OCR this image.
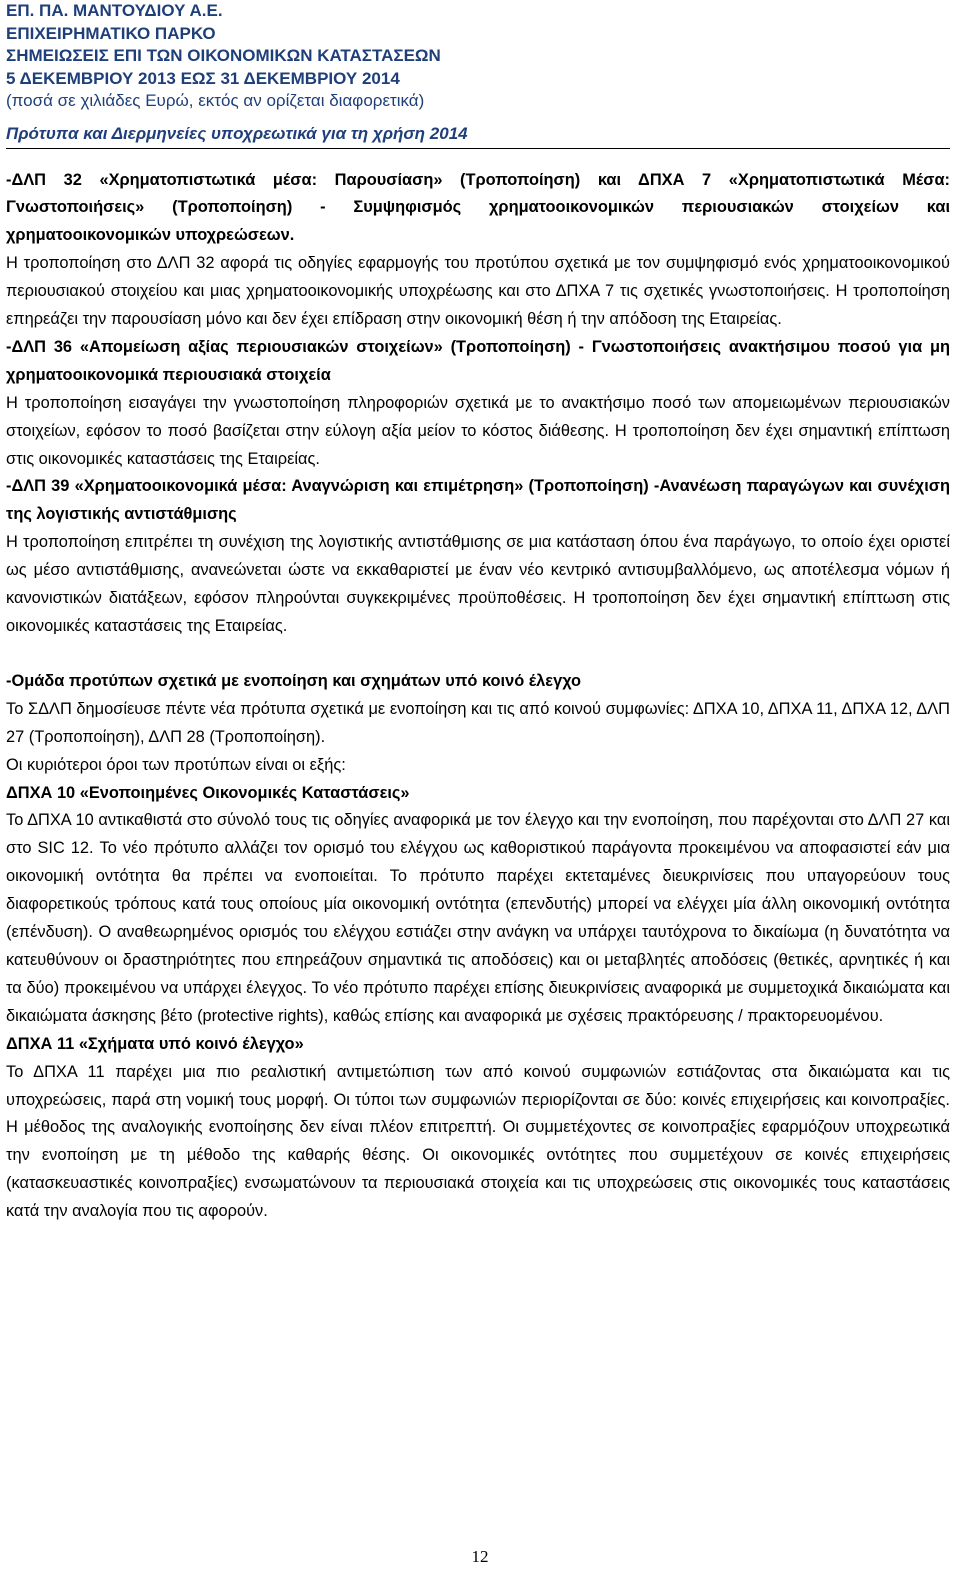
ΕΠ. ΠΑ. ΜΑΝΤΟΥΔΙΟΥ Α.Ε.
ΕΠΙΧΕΙΡΗΜΑΤΙΚΟ ΠΑΡΚΟ
ΣΗΜΕΙΩΣΕΙΣ ΕΠΙ ΤΩΝ ΟΙΚΟΝΟΜΙΚΩΝ ΚΑΤΑΣΤΑΣΕΩΝ
5 ΔΕΚΕΜΒΡΙΟΥ 2013 ΕΩΣ 31 ΔΕΚΕΜΒΡΙΟΥ 2014
(ποσά σε χιλιάδες Ευρώ, εκτός αν ορίζεται διαφορετικά)
Πρότυπα και Διερμηνείες υποχρεωτικά για τη χρήση 2014

-ΔΛΠ 32 «Χρηματοπιστωτικά μέσα: Παρουσίαση» (Τροποποίηση) και ΔΠΧΑ 7 «Χρηματοπιστωτικά Μέσα: Γνωστοποιήσεις» (Τροποποίηση) - Συμψηφισμός χρηματοοικονομικών περιουσιακών στοιχείων και χρηματοοικονομικών υποχρεώσεων.

Η τροποποίηση στο ΔΛΠ 32 αφορά τις οδηγίες εφαρμογής του προτύπου σχετικά με τον συμψηφισμό ενός χρηματοοικονομικού περιουσιακού στοιχείου και μιας χρηματοοικονομικής υποχρέωσης και στο ΔΠΧΑ 7 τις σχετικές γνωστοποιήσεις. Η τροποποίηση επηρεάζει την παρουσίαση μόνο και δεν έχει επίδραση στην οικονομική θέση ή την απόδοση της Εταιρείας.

-ΔΛΠ 36 «Απομείωση αξίας περιουσιακών στοιχείων» (Τροποποίηση) - Γνωστοποιήσεις ανακτήσιμου ποσού για μη χρηματοοικονομικά περιουσιακά στοιχεία

Η τροποποίηση εισαγάγει την γνωστοποίηση πληροφοριών σχετικά με το ανακτήσιμο ποσό των απομειωμένων περιουσιακών στοιχείων, εφόσον το ποσό βασίζεται στην εύλογη αξία μείον το κόστος διάθεσης. Η τροποποίηση δεν έχει σημαντική επίπτωση στις οικονομικές καταστάσεις της Εταιρείας.

-ΔΛΠ 39 «Χρηματοοικονομικά μέσα: Αναγνώριση και επιμέτρηση» (Τροποποίηση) -Ανανέωση παραγώγων και συνέχιση της λογιστικής αντιστάθμισης

Η τροποποίηση επιτρέπει τη συνέχιση της λογιστικής αντιστάθμισης σε μια κατάσταση όπου ένα παράγωγο, το οποίο έχει οριστεί ως μέσο αντιστάθμισης, ανανεώνεται ώστε να εκκαθαριστεί με έναν νέο κεντρικό αντισυμβαλλόμενο, ως αποτέλεσμα νόμων ή κανονιστικών διατάξεων, εφόσον πληρούνται συγκεκριμένες προϋποθέσεις. Η τροποποίηση δεν έχει σημαντική επίπτωση στις οικονομικές καταστάσεις της Εταιρείας.

-Ομάδα προτύπων σχετικά με ενοποίηση και σχημάτων υπό κοινό έλεγχο

Το ΣΔΛΠ δημοσίευσε πέντε νέα πρότυπα σχετικά με ενοποίηση και τις από κοινού συμφωνίες: ΔΠΧΑ 10, ΔΠΧΑ 11, ΔΠΧΑ 12, ΔΛΠ 27 (Τροποποίηση), ΔΛΠ 28 (Τροποποίηση).

Οι κυριότεροι όροι των προτύπων είναι οι εξής:

ΔΠΧΑ 10 «Ενοποιημένες Οικονομικές Καταστάσεις»

Το ΔΠΧΑ 10 αντικαθιστά στο σύνολό τους τις οδηγίες αναφορικά με τον έλεγχο και την ενοποίηση, που παρέχονται στο ΔΛΠ 27 και στο SIC 12. Το νέο πρότυπο αλλάζει τον ορισμό του ελέγχου ως καθοριστικού παράγοντα προκειμένου να αποφασιστεί εάν μια οικονομική οντότητα θα πρέπει να ενοποιείται. Το πρότυπο παρέχει εκτεταμένες διευκρινίσεις που υπαγορεύουν τους διαφορετικούς τρόπους κατά τους οποίους μία οικονομική οντότητα (επενδυτής) μπορεί να ελέγχει μία άλλη οικονομική οντότητα (επένδυση). Ο αναθεωρημένος ορισμός του ελέγχου εστιάζει στην ανάγκη να υπάρχει ταυτόχρονα το δικαίωμα (η δυνατότητα να κατευθύνουν οι δραστηριότητες που επηρεάζουν σημαντικά τις αποδόσεις) και οι μεταβλητές αποδόσεις (θετικές, αρνητικές ή και τα δύο) προκειμένου να υπάρχει έλεγχος. Το νέο πρότυπο παρέχει επίσης διευκρινίσεις αναφορικά με συμμετοχικά δικαιώματα και δικαιώματα άσκησης βέτο (protective rights), καθώς επίσης και αναφορικά με σχέσεις πρακτόρευσης / πρακτορευομένου.

ΔΠΧΑ 11 «Σχήματα υπό κοινό έλεγχο»

Το ΔΠΧΑ 11 παρέχει μια πιο ρεαλιστική αντιμετώπιση των από κοινού συμφωνιών εστιάζοντας στα δικαιώματα και τις υποχρεώσεις, παρά στη νομική τους μορφή. Οι τύποι των συμφωνιών περιορίζονται σε δύο: κοινές επιχειρήσεις και κοινοπραξίες. Η μέθοδος της αναλογικής ενοποίησης δεν είναι πλέον επιτρεπτή. Οι συμμετέχοντες σε κοινοπραξίες εφαρμόζουν υποχρεωτικά την ενοποίηση με τη μέθοδο της καθαρής θέσης. Οι οικονομικές οντότητες που συμμετέχουν σε κοινές επιχειρήσεις (κατασκευαστικές κοινοπραξίες) ενσωματώνουν τα περιουσιακά στοιχεία και τις υποχρεώσεις στις οικονομικές τους καταστάσεις κατά την αναλογία που τις αφορούν.

12
